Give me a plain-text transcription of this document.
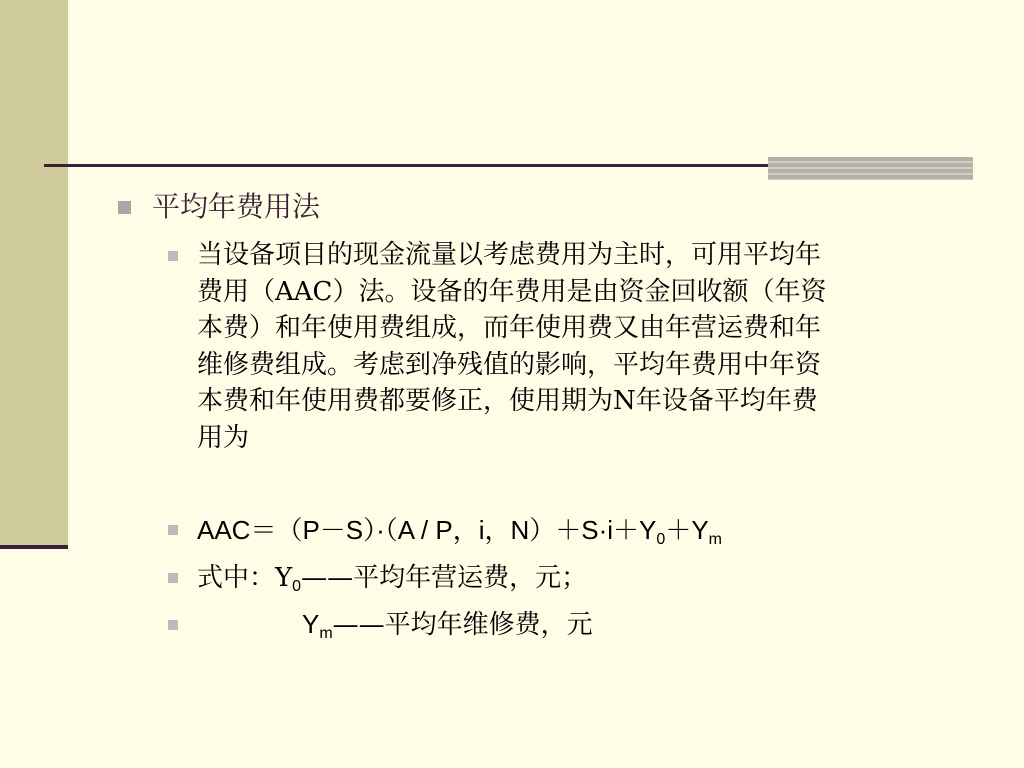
平均年费用法
当设备项目的现金流量以考虑费用为主时，可用平均年
费用（AAC）法。设备的年费用是由资金回收额（年资
本费）和年使用费组成，而年使用费又由年营运费和年
维修费组成。考虑到净残值的影响，平均年费用中年资
本费和年使用费都要修正，使用期为N年设备平均年费
用为
AAC＝（P－S）·（A / P，i，$N)+S\cdot i+Y_0+Y_m$
式中：$Y_0——$平均年营运费，元；
$Y_m——$平均年维修费，元
